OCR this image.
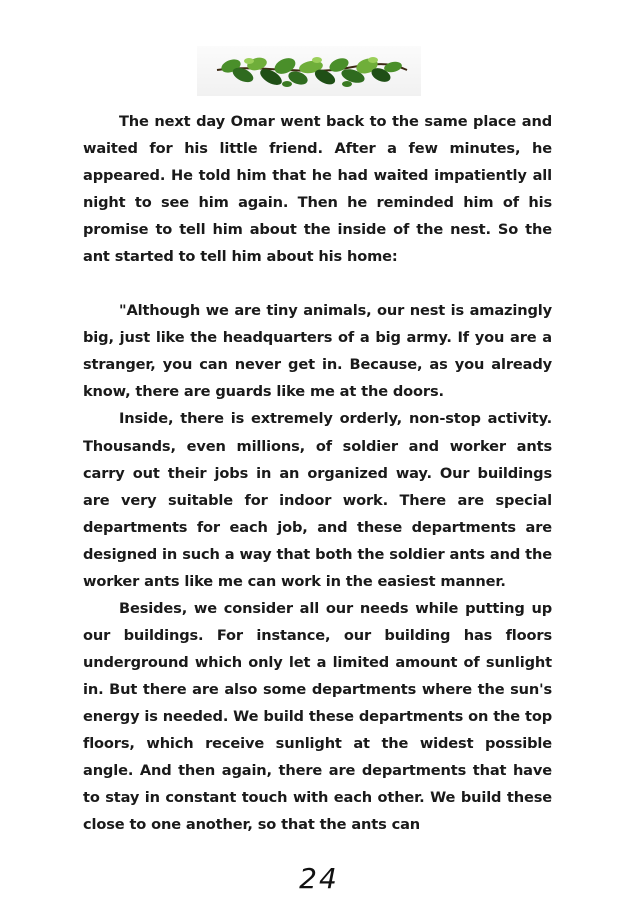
The next day Omar went back to the same place and waited for his little friend. After a few minutes, he appeared. He told him that he had waited impatiently all night to see him again. Then he reminded him of his promise to tell him about the inside of the nest. So the ant started to tell him about his home:

"Although we are tiny animals, our nest is amazingly big, just like the headquarters of a big army. If you are a stranger, you can never get in. Because, as you already know, there are guards like me at the doors.

Inside, there is extremely orderly, non-stop activity. Thousands, even millions, of soldier and worker ants carry out their jobs in an organized way. Our buildings are very suitable for indoor work. There are special departments for each job, and these departments are designed in such a way that both the soldier ants and the worker ants like me can work in the easiest manner.

Besides, we consider all our needs while putting up our buildings. For instance, our building has floors underground which only let a limited amount of sunlight in. But there are also some departments where the sun's energy is needed. We build these departments on the top floors, which receive sunlight at the widest possible angle. And then again, there are departments that have to stay in constant touch with each other. We build these close to one another, so that the ants can

24
